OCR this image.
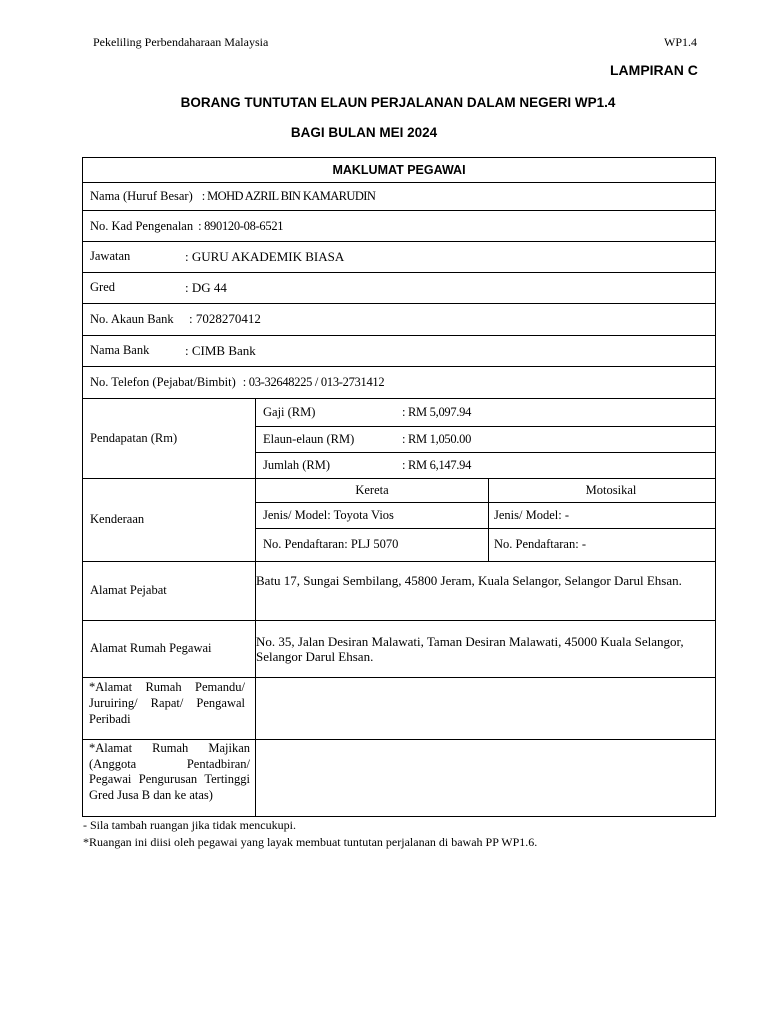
Pekeliling Perbendaharaan Malaysia	WP1.4
LAMPIRAN C
BORANG TUNTUTAN ELAUN PERJALANAN DALAM NEGERI WP1.4
BAGI BULAN MEI 2024
MAKLUMAT PEGAWAI
Nama (Huruf Besar) : MOHD AZRIL BIN KAMARUDIN
No. Kad Pengenalan : 890120-08-6521
Jawatan	: GURU AKADEMIK BIASA
Gred	: DG 44
No. Akaun Bank : 7028270412
Nama Bank	: CIMB Bank
No. Telefon (Pejabat/Bimbit) : 03-32648225 / 013-2731412
Pendapatan (Rm)
Gaji (RM)	: RM 5,097.94
Elaun-elaun (RM)	: RM 1,050.00
Jumlah (RM)	: RM 6,147.94
Kenderaan
Kereta	Motosikal
Jenis/ Model: Toyota Vios	Jenis/ Model: -
No. Pendaftaran: PLJ 5070	No. Pendaftaran: -
Alamat Pejabat
Batu 17, Sungai Sembilang, 45800 Jeram, Kuala Selangor, Selangor Darul Ehsan.
Alamat Rumah Pegawai	No. 35, Jalan Desiran Malawati, Taman Desiran Malawati, 45000 Kuala Selangor, Selangor Darul Ehsan.
*Alamat Rumah Pemandu/
Juruiring/ Rapat/ Pengawal
Peribadi
*Alamat Rumah Majikan
(Anggota Pentadbiran/
Pegawai Pengurusan Tertinggi
Gred Jusa B dan ke atas)
- Sila tambah ruangan jika tidak mencukupi.
*Ruangan ini diisi oleh pegawai yang layak membuat tuntutan perjalanan di bawah PP WP1.6.
